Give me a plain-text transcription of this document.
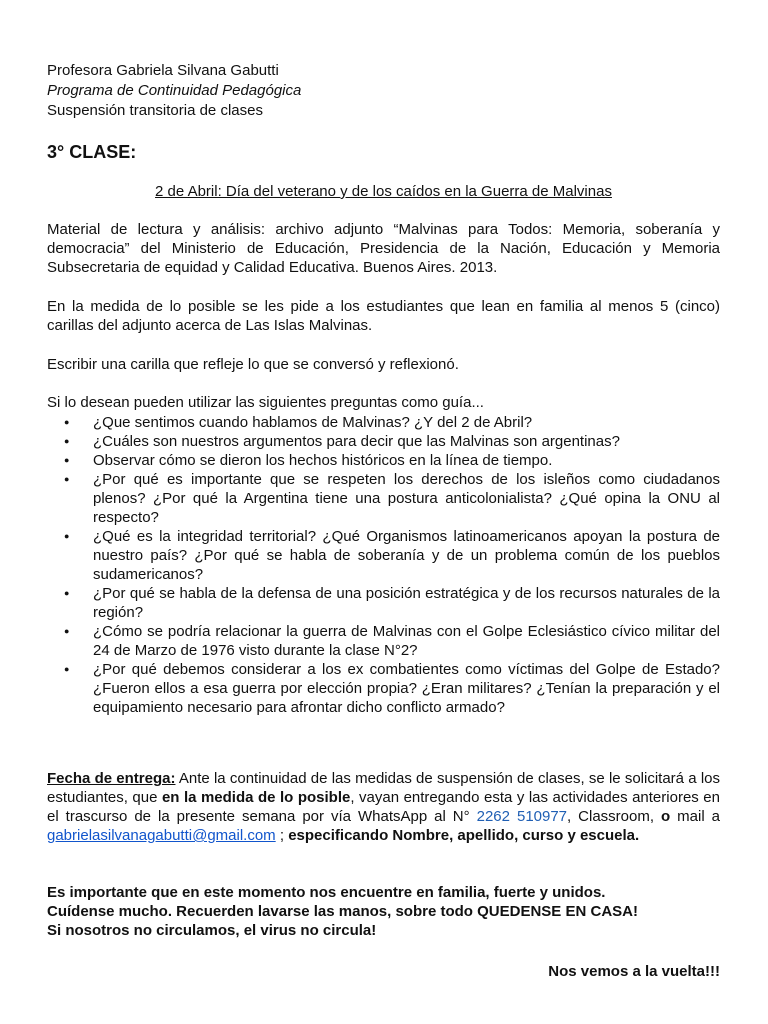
Profesora Gabriela Silvana Gabutti

Programa de Continuidad Pedagógica

Suspensión transitoria de clases

3° CLASE:

2 de Abril: Día del veterano y de los caídos en la Guerra de Malvinas

Material de lectura y análisis: archivo adjunto “Malvinas para Todos: Memoria, soberanía y democracia” del Ministerio de Educación, Presidencia de la Nación, Educación y Memoria Subsecretaria de equidad y Calidad Educativa. Buenos Aires. 2013.

En la medida de lo posible se les pide a los estudiantes que lean en familia al menos 5 (cinco) carillas del adjunto acerca de Las Islas Malvinas.

Escribir una carilla que refleje lo que se conversó y reflexionó.

Si lo desean pueden utilizar las siguientes preguntas como guía...

● ¿Que sentimos cuando hablamos de Malvinas? ¿Y del 2 de Abril?
● ¿Cuáles son nuestros argumentos para decir que las Malvinas son argentinas?
● Observar cómo se dieron los hechos históricos en la línea de tiempo.
● ¿Por qué es importante que se respeten los derechos de los isleños como ciudadanos plenos? ¿Por qué la Argentina tiene una postura anticolonialista? ¿Qué opina la ONU al respecto?
● ¿Qué es la integridad territorial? ¿Qué Organismos latinoamericanos apoyan la postura de nuestro país? ¿Por qué se habla de soberanía y de un problema común de los pueblos sudamericanos?
● ¿Por qué se habla de la defensa de una posición estratégica y de los recursos naturales de la región?
● ¿Cómo se podría relacionar la guerra de Malvinas con el Golpe Eclesiástico cívico militar del 24 de Marzo de 1976 visto durante la clase N°2?
● ¿Por qué debemos considerar a los ex combatientes como víctimas del Golpe de Estado? ¿Fueron ellos a esa guerra por elección propia? ¿Eran militares? ¿Tenían la preparación y el equipamiento necesario para afrontar dicho conflicto armado?

Fecha de entrega: Ante la continuidad de las medidas de suspensión de clases, se le solicitará a los estudiantes, que en la medida de lo posible, vayan entregando esta y las actividades anteriores en el trascurso de la presente semana por vía WhatsApp al N° 2262 510977, Classroom, o mail a gabrielasilvanagabutti@gmail.com ; especificando Nombre, apellido, curso y escuela.

Es importante que en este momento nos encuentre en familia, fuerte y unidos.
Cuídense mucho. Recuerden lavarse las manos, sobre todo QUEDENSE EN CASA!
Si nosotros no circulamos, el virus no circula!

Nos vemos a la vuelta!!!
